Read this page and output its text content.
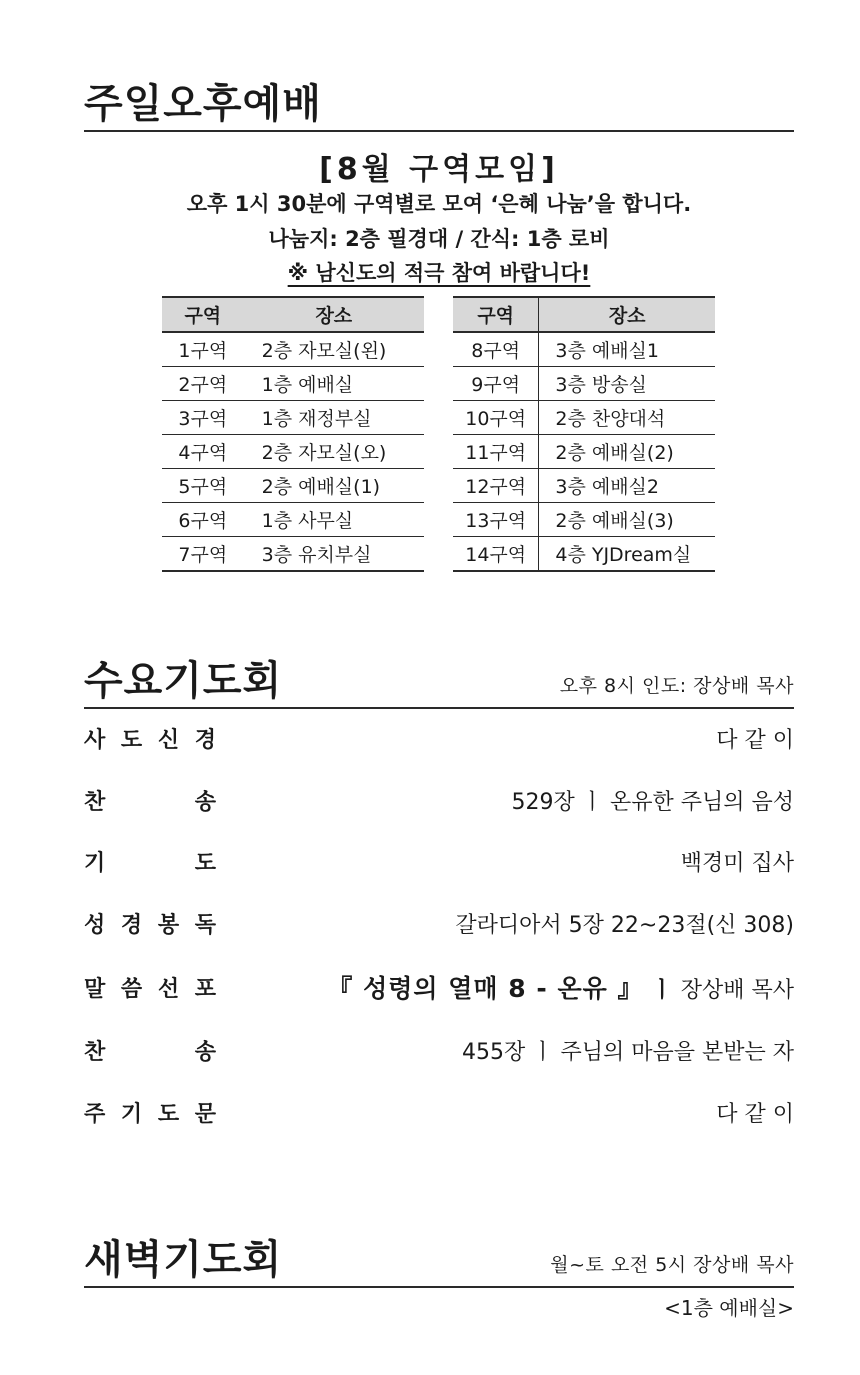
주일오후예배
[8월 구역모임]
오후 1시 30분에 구역별로 모여 ‘은혜 나눔’을 합니다.
나눔지: 2층 필경대 / 간식: 1층 로비
※ 남신도의 적극 참여 바랍니다!
구역	장소
1구역	2층 자모실(왼)
2구역	1층 예배실
3구역	1층 재정부실
4구역	2층 자모실(오)
5구역	2층 예배실(1)
6구역	1층 사무실
7구역	3층 유치부실
구역	장소
8구역	3층 예배실1
9구역	3층 방송실
10구역	2층 찬양대석
11구역	2층 예배실(2)
12구역	3층 예배실2
13구역	2층 예배실(3)
14구역	4층 YJDream실
수요기도회	오후 8시 인도: 장상배 목사
사 도 신 경	다 같 이
찬	송	529장 ㅣ 온유한 주님의 음성
기	도	백경미 집사
성 경 봉 독	갈라디아서 5장 22~23절(신 308)
말 씀 선 포	『 성령의 열매 8 - 온유 』 ㅣ 장상배 목사
찬	송	455장 ㅣ 주님의 마음을 본받는 자
주 기 도 문	다 같 이
새벽기도회	월~토 오전 5시 장상배 목사
<1층 예배실>
